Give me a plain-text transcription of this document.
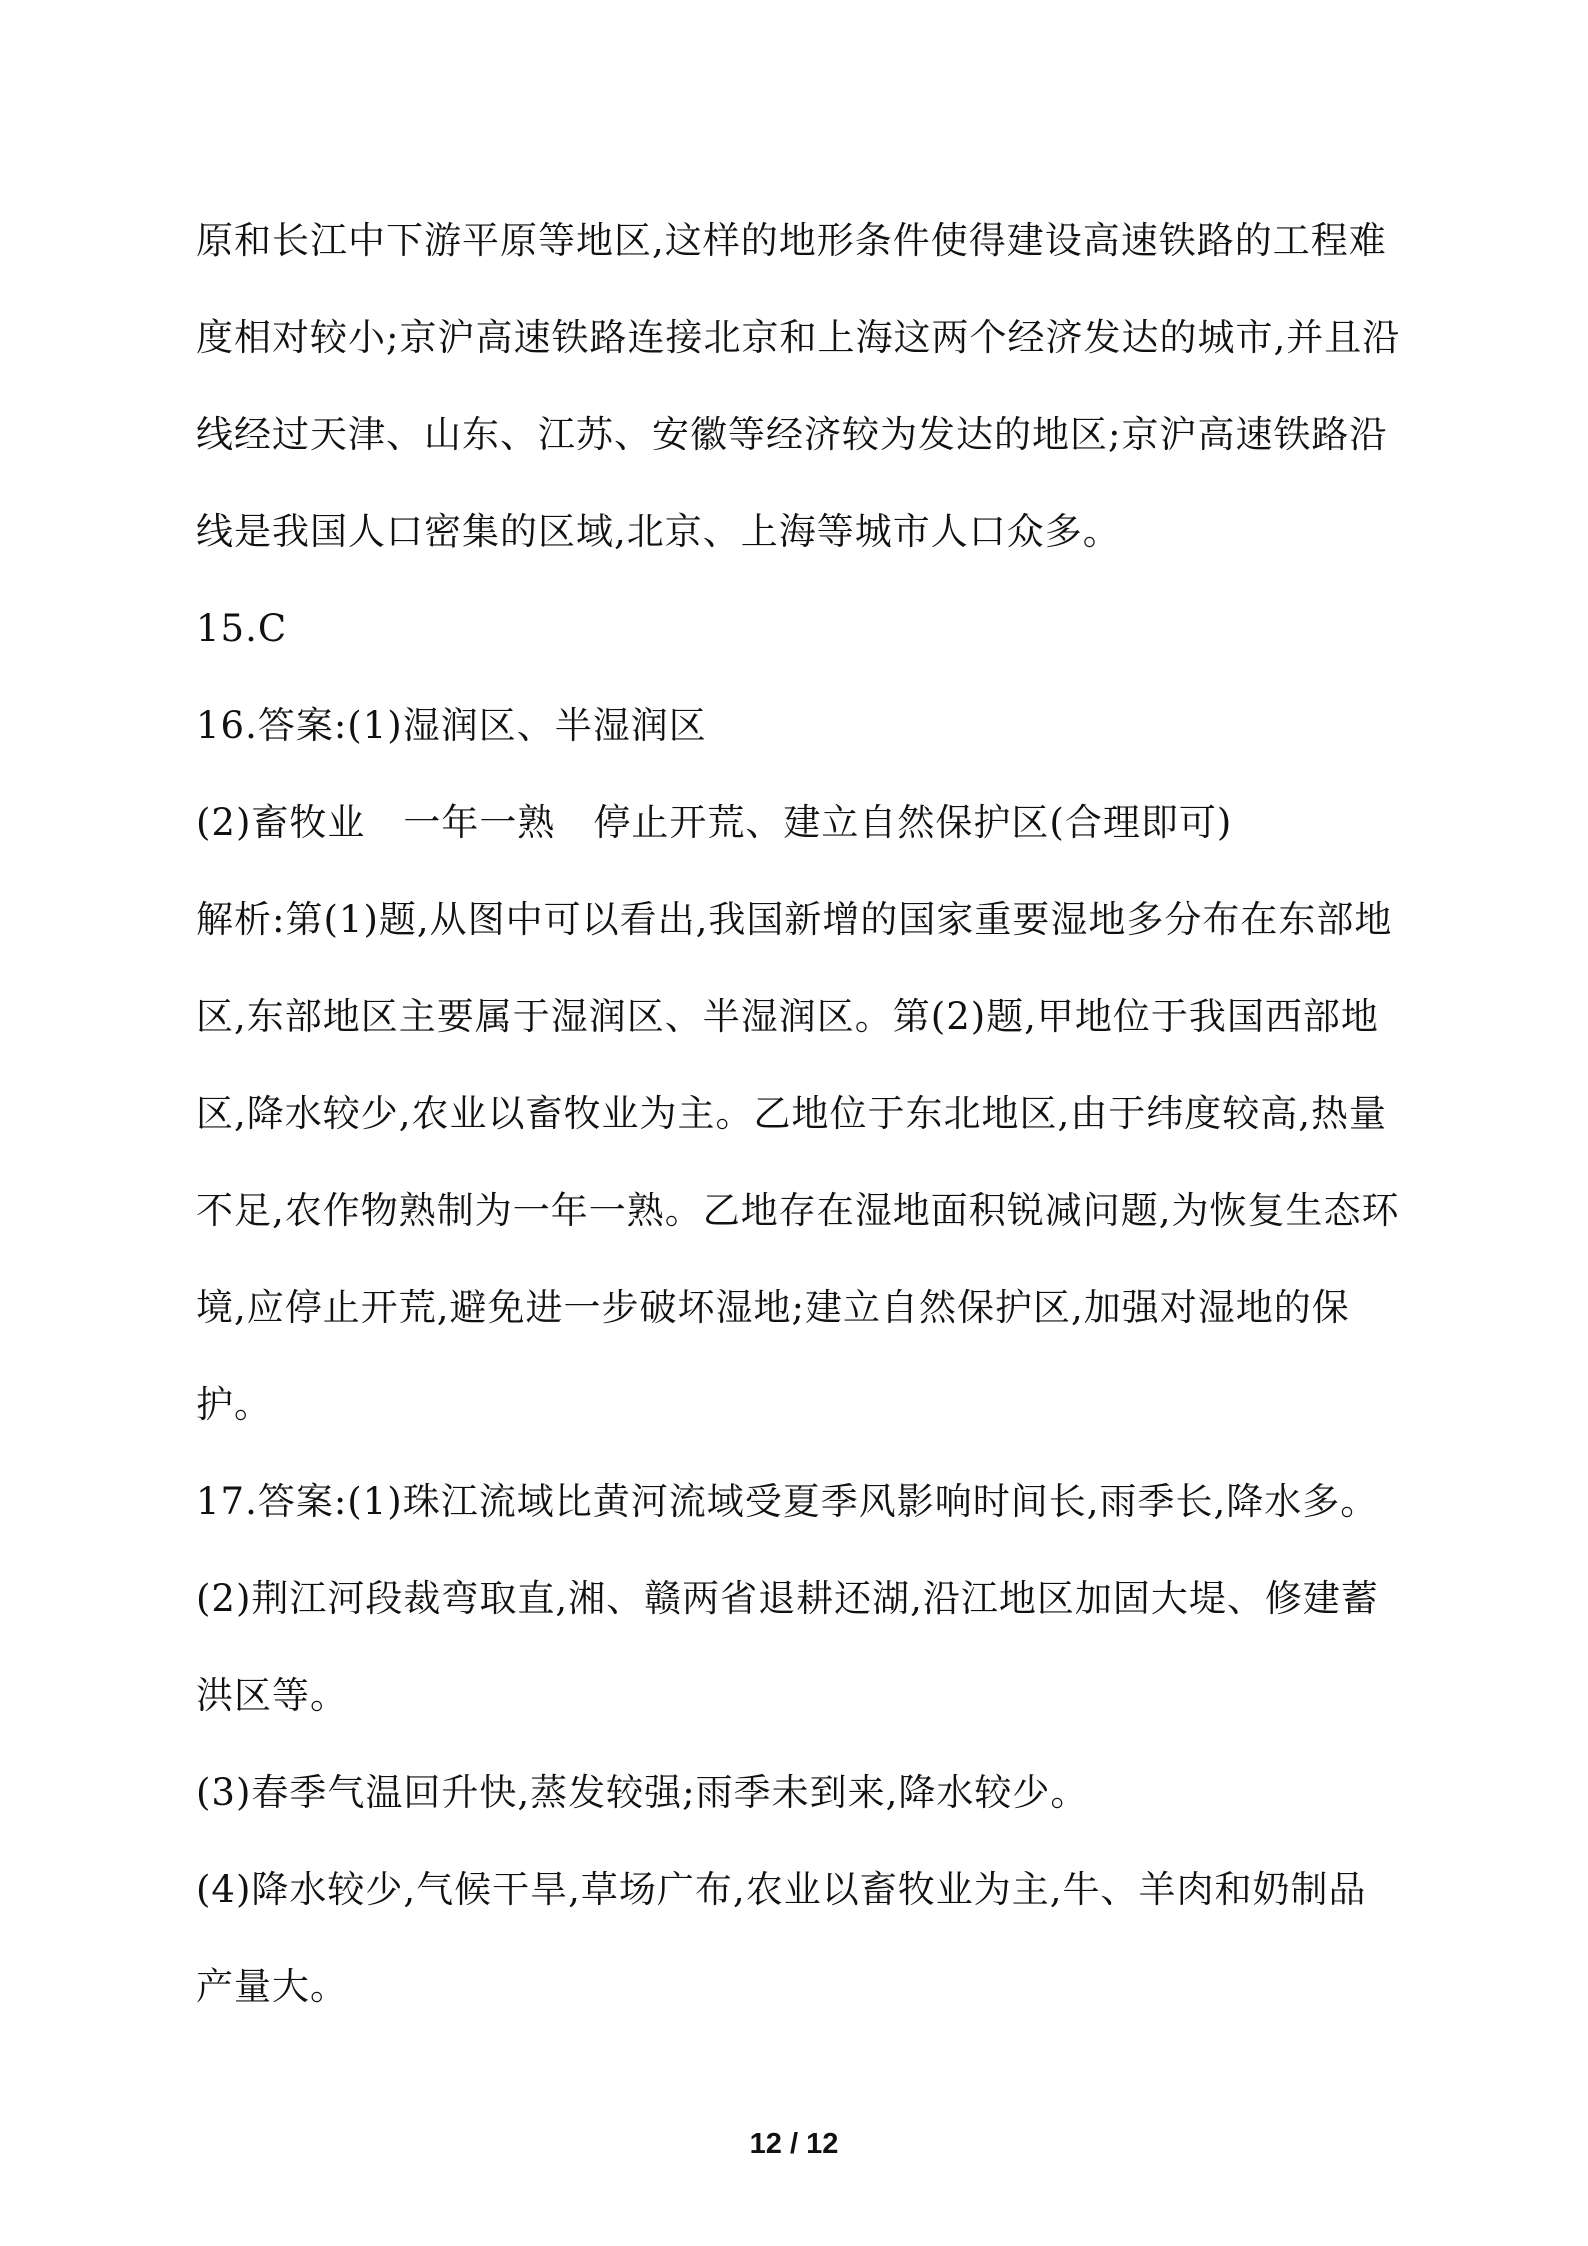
原和长江中下游平原等地区,这样的地形条件使得建设高速铁路的工程难
度相对较小;京沪高速铁路连接北京和上海这两个经济发达的城市,并且沿
线经过天津、山东、江苏、安徽等经济较为发达的地区;京沪高速铁路沿
线是我国人口密集的区域,北京、上海等城市人口众多。
15.C
16.答案:(1)湿润区、半湿润区
(2)畜牧业　一年一熟　停止开荒、建立自然保护区(合理即可)
解析:第(1)题,从图中可以看出,我国新增的国家重要湿地多分布在东部地
区,东部地区主要属于湿润区、半湿润区。第(2)题,甲地位于我国西部地
区,降水较少,农业以畜牧业为主。乙地位于东北地区,由于纬度较高,热量
不足,农作物熟制为一年一熟。乙地存在湿地面积锐减问题,为恢复生态环
境,应停止开荒,避免进一步破坏湿地;建立自然保护区,加强对湿地的保
护。
17.答案:(1)珠江流域比黄河流域受夏季风影响时间长,雨季长,降水多。
(2)荆江河段裁弯取直,湘、赣两省退耕还湖,沿江地区加固大堤、修建蓄
洪区等。
(3)春季气温回升快,蒸发较强;雨季未到来,降水较少。
(4)降水较少,气候干旱,草场广布,农业以畜牧业为主,牛、羊肉和奶制品
产量大。
12 / 12
